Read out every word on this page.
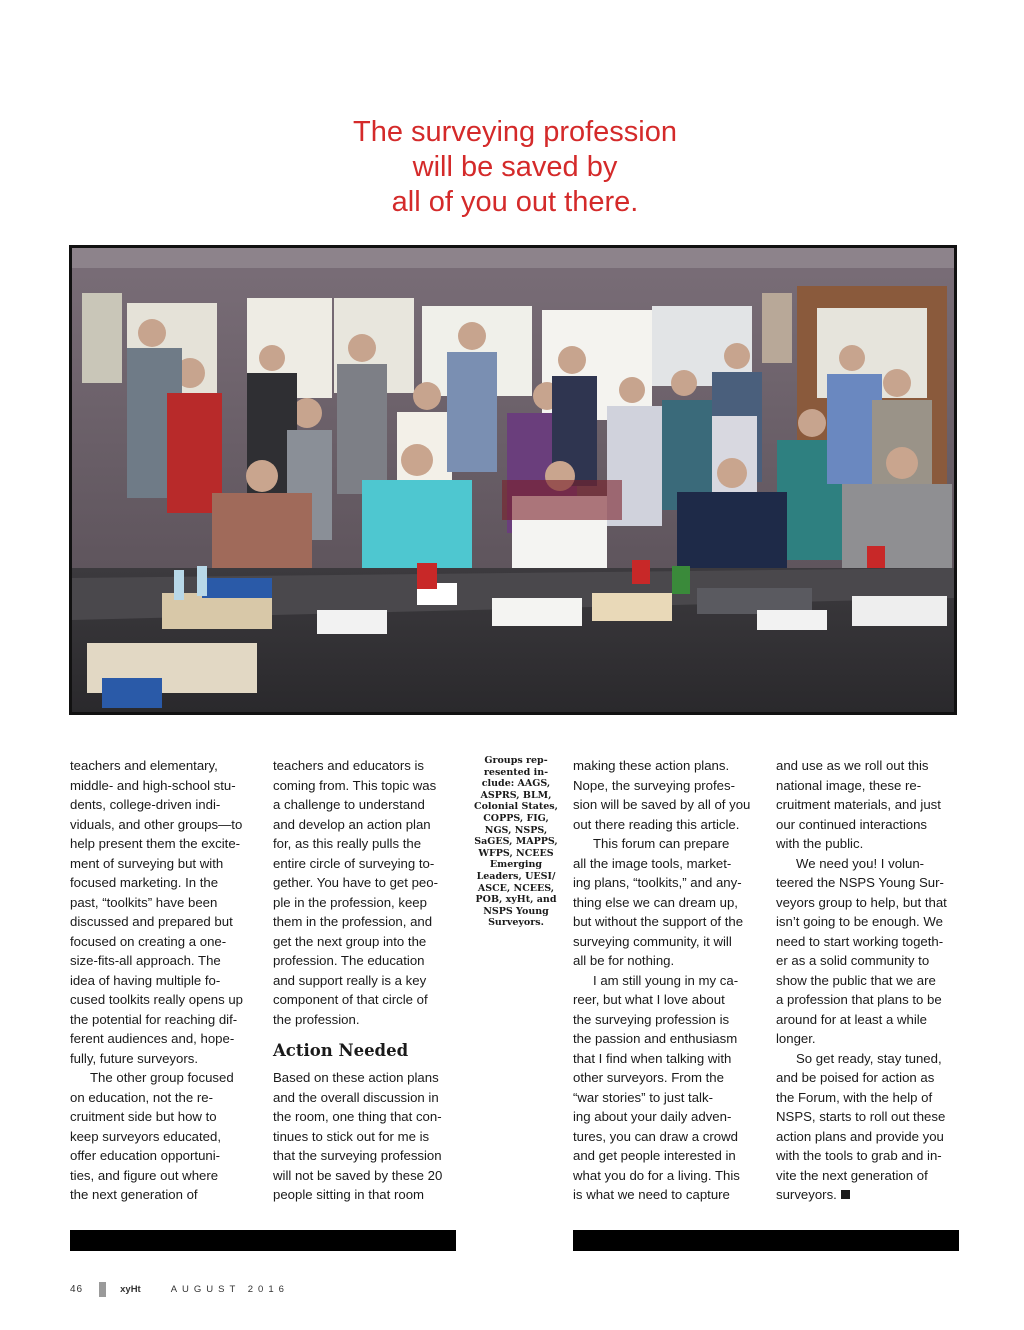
The surveying profession
will be saved by
all of you out there.

teachers and elementary,
middle- and high-school stu-
dents, college-driven indi-
viduals, and other groups—to
help present them the excite-
ment of surveying but with
focused marketing. In the
past, “toolkits” have been
discussed and prepared but
focused on creating a one-
size-fits-all approach. The
idea of having multiple fo-
cused toolkits really opens up
the potential for reaching dif-
ferent audiences and, hope-
fully, future surveyors.

The other group focused
on education, not the re-
cruitment side but how to
keep surveyors educated,
offer education opportuni-
ties, and figure out where
the next generation of

teachers and educators is
coming from. This topic was
a challenge to understand
and develop an action plan
for, as this really pulls the
entire circle of surveying to-
gether. You have to get peo-
ple in the profession, keep
them in the profession, and
get the next group into the
profession. The education
and support really is a key
component of that circle of
the profession.

Action Needed

Based on these action plans
and the overall discussion in
the room, one thing that con-
tinues to stick out for me is
that the surveying profession
will not be saved by these 20
people sitting in that room

Groups rep-
resented in-
clude: AAGS,
ASPRS, BLM,
Colonial States,
COPPS, FIG,
NGS, NSPS,
SaGES, MAPPS,
WFPS, NCEES
Emerging
Leaders, UESI/
ASCE, NCEES,
POB, xyHt, and
NSPS Young
Surveyors.

making these action plans.
Nope, the surveying profes-
sion will be saved by all of you
out there reading this article.

This forum can prepare
all the image tools, market-
ing plans, “toolkits,” and any-
thing else we can dream up,
but without the support of the
surveying community, it will
all be for nothing.

I am still young in my ca-
reer, but what I love about
the surveying profession is
the passion and enthusiasm
that I find when talking with
other surveyors. From the
“war stories” to just talk-
ing about your daily adven-
tures, you can draw a crowd
and get people interested in
what you do for a living. This
is what we need to capture

and use as we roll out this
national image, these re-
cruitment materials, and just
our continued interactions
with the public.

We need you! I volun-
teered the NSPS Young Sur-
veyors group to help, but that
isn’t going to be enough. We
need to start working togeth-
er as a solid community to
show the public that we are
a profession that plans to be
around for at least a while
longer.

So get ready, stay tuned,
and be poised for action as
the Forum, with the help of
NSPS, starts to roll out these
action plans and provide you
with the tools to grab and in-
vite the next generation of
surveyors.

46	xyHt	AUGUST 2016
